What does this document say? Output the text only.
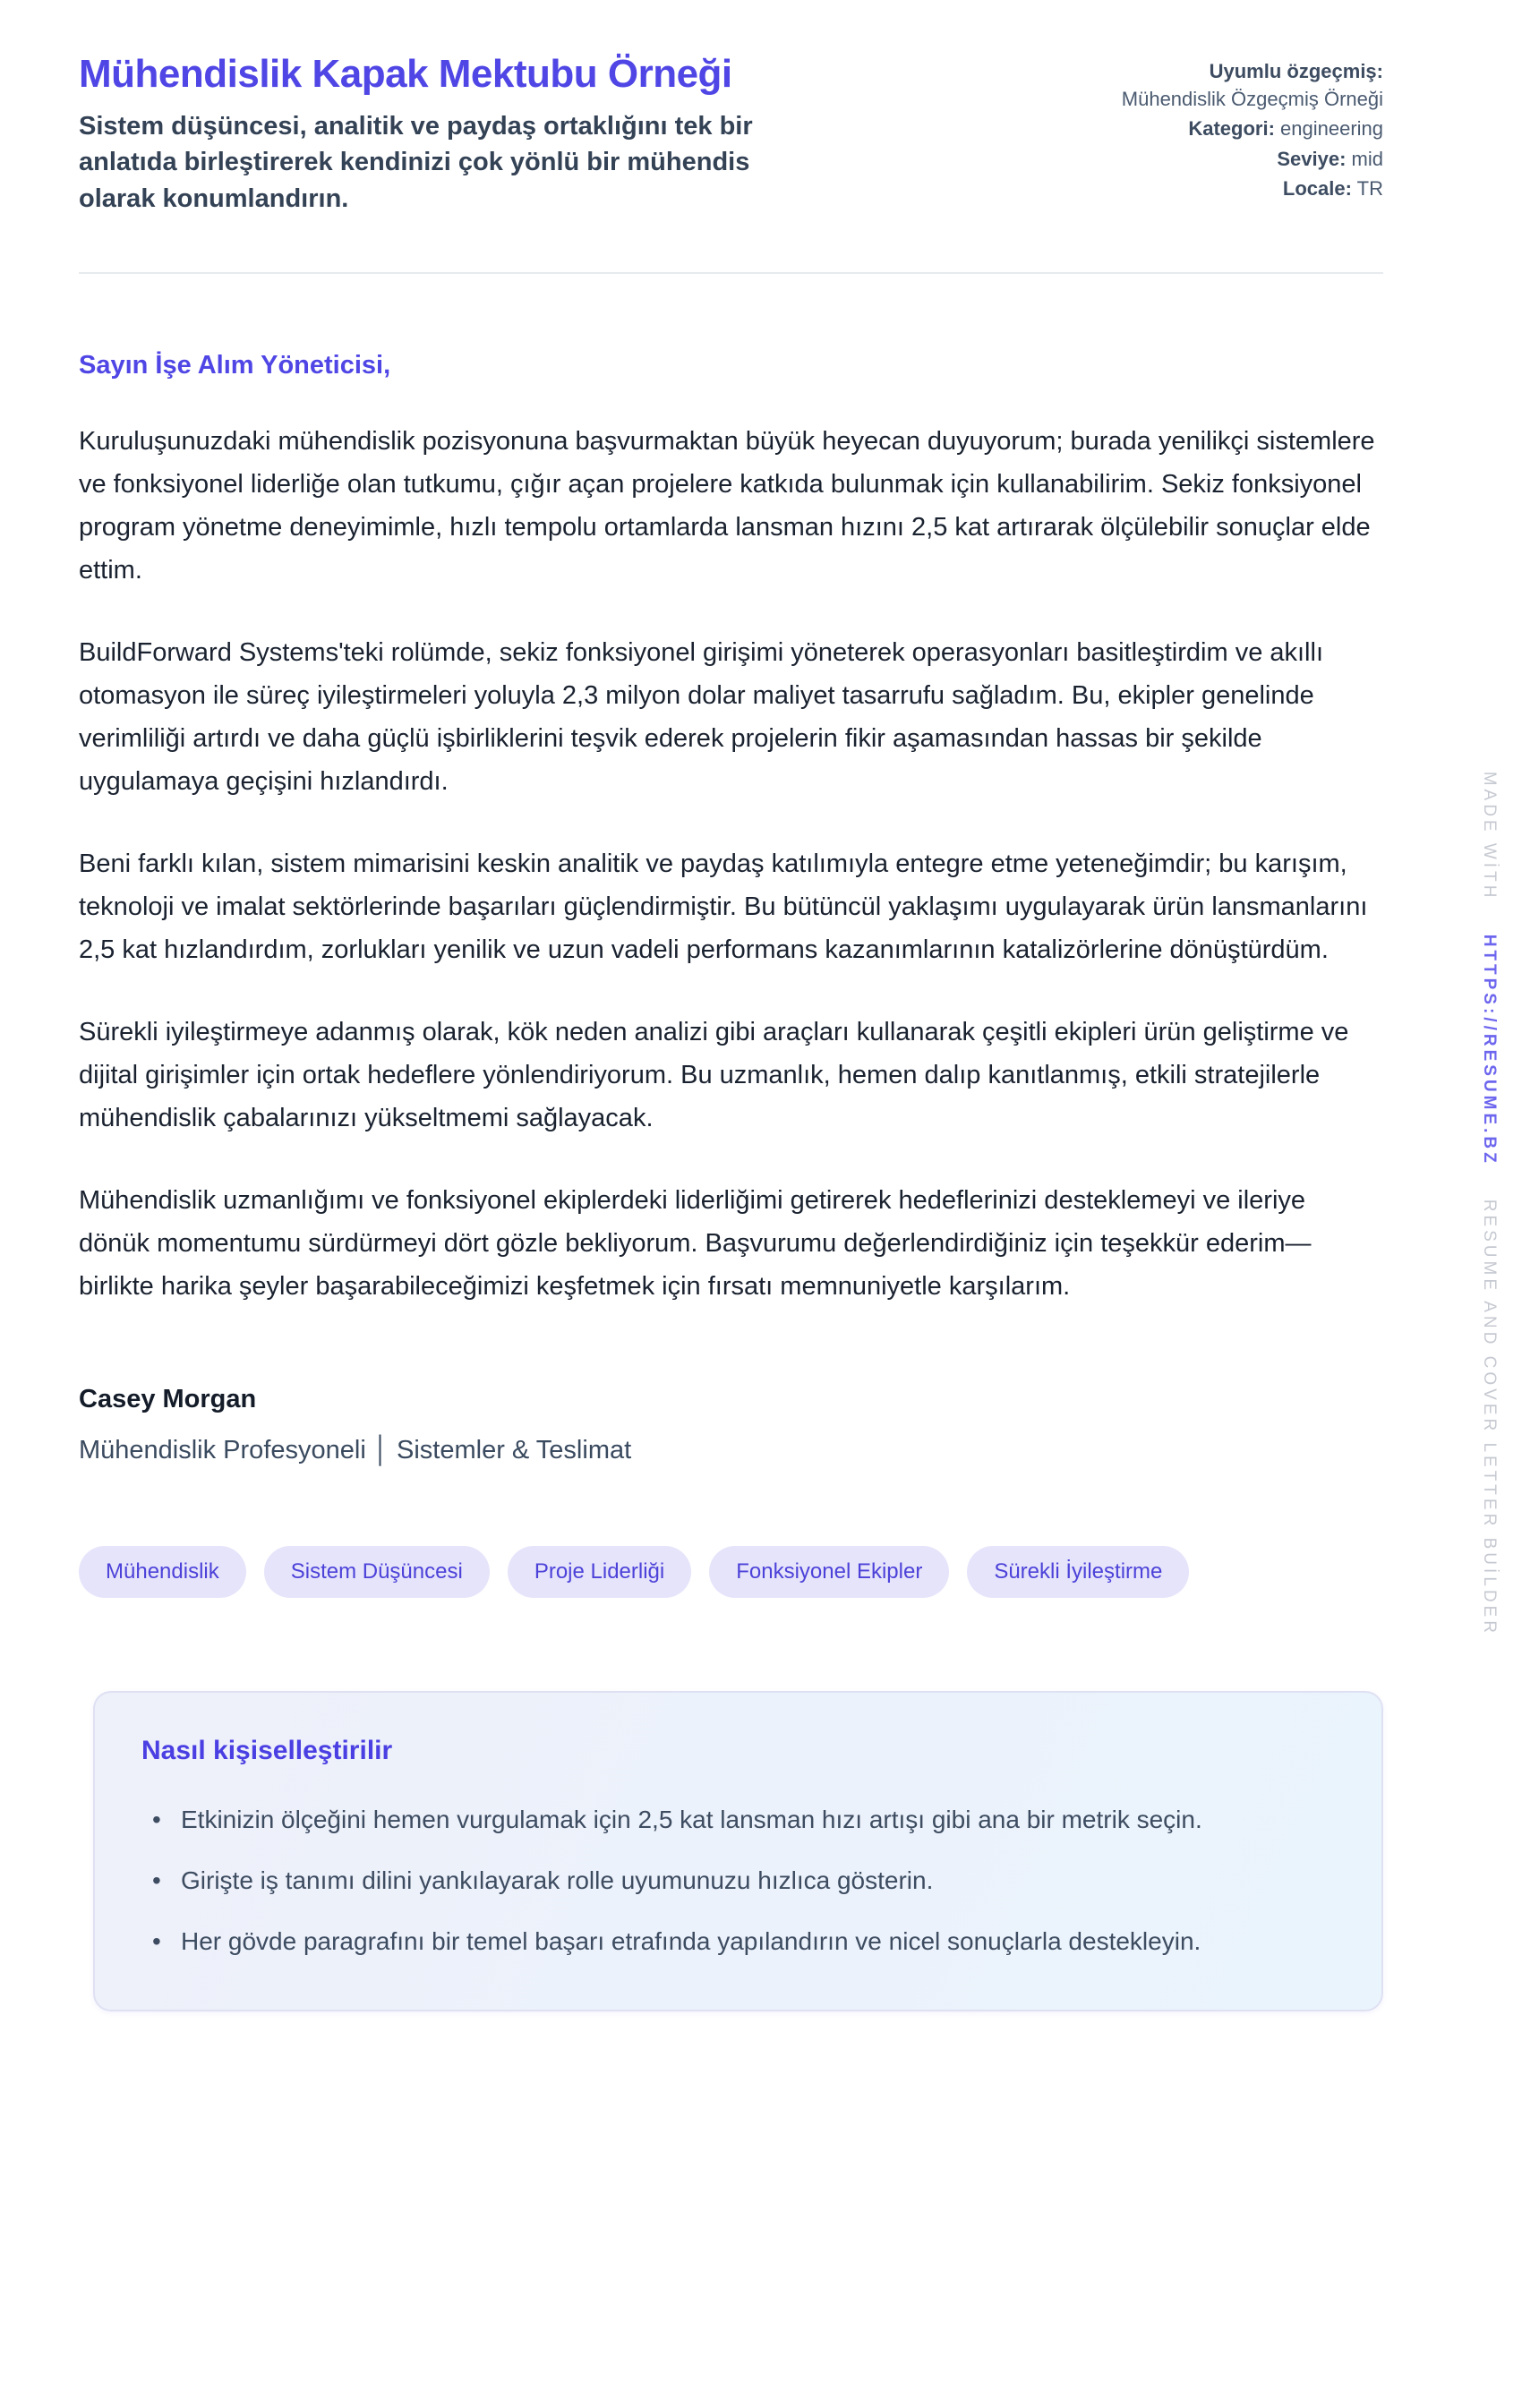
Mühendislik Kapak Mektubu Örneği
Sistem düşüncesi, analitik ve paydaş ortaklığını tek bir anlatıda birleştirerek kendinizi çok yönlü bir mühendis olarak konumlandırın.
Uyumlu özgeçmiş: Mühendislik Özgeçmiş Örneği
Kategori: engineering
Seviye: mid
Locale: TR
Sayın İşe Alım Yöneticisi,

Kuruluşunuzdaki mühendislik pozisyonuna başvurmaktan büyük heyecan duyuyorum; burada yenilikçi sistemlere ve fonksiyonel liderliğe olan tutkumu, çığır açan projelere katkıda bulunmak için kullanabilirim. Sekiz fonksiyonel program yönetme deneyimimle, hızlı tempolu ortamlarda lansman hızını 2,5 kat artırarak ölçülebilir sonuçlar elde ettim.

BuildForward Systems'teki rolümde, sekiz fonksiyonel girişimi yöneterek operasyonları basitleştirdim ve akıllı otomasyon ile süreç iyileştirmeleri yoluyla 2,3 milyon dolar maliyet tasarrufu sağladım. Bu, ekipler genelinde verimliliği artırdı ve daha güçlü işbirliklerini teşvik ederek projelerin fikir aşamasından hassas bir şekilde uygulamaya geçişini hızlandırdı.

Beni farklı kılan, sistem mimarisini keskin analitik ve paydaş katılımıyla entegre etme yeteneğimdir; bu karışım, teknoloji ve imalat sektörlerinde başarıları güçlendirmiştir. Bu bütüncül yaklaşımı uygulayarak ürün lansmanlarını 2,5 kat hızlandırdım, zorlukları yenilik ve uzun vadeli performans kazanımlarının katalizörlerine dönüştürdüm.

Sürekli iyileştirmeye adanmış olarak, kök neden analizi gibi araçları kullanarak çeşitli ekipleri ürün geliştirme ve dijital girişimler için ortak hedeflere yönlendiriyorum. Bu uzmanlık, hemen dalıp kanıtlanmış, etkili stratejilerle mühendislik çabalarınızı yükseltmemi sağlayacak.

Mühendislik uzmanlığımı ve fonksiyonel ekiplerdeki liderliğimi getirerek hedeflerinizi desteklemeyi ve ileriye dönük momentumu sürdürmeyi dört gözle bekliyorum. Başvurumu değerlendirdiğiniz için teşekkür ederim—birlikte harika şeyler başarabileceğimizi keşfetmek için fırsatı memnuniyetle karşılarım.

Casey Morgan
Mühendislik Profesyoneli │ Sistemler & Teslimat
Mühendislik	Sistem Düşüncesi	Proje Liderliği	Fonksiyonel Ekipler	Sürekli İyileştirme
Nasıl kişiselleştirilir
• Etkinizin ölçeğini hemen vurgulamak için 2,5 kat lansman hızı artışı gibi ana bir metrik seçin.
• Girişte iş tanımı dilini yankılayarak rolle uyumunuzu hızlıca gösterin.
• Her gövde paragrafını bir temel başarı etrafında yapılandırın ve nicel sonuçlarla destekleyin.
MADE WİTH HTTPS://RESUME.BZ RESUME AND COVER LETTER BUİLDER
